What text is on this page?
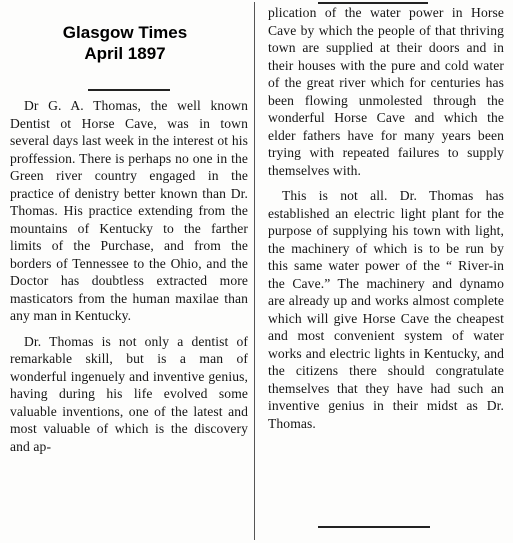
Glasgow Times
April 1897

Dr G. A. Thomas, the well known Dentist ot Horse Cave, was in town several days last week in the interest ot his proffession. There is perhaps no one in the Green river country engaged in the practice of denistry better known than Dr. Thomas. His practice extending from the mountains of Kentucky to the farther limits of the Purchase, and from the borders of Tennessee to the Ohio, and the Doctor has doubtless extracted more masticators from the human maxilae than any man in Kentucky.

Dr. Thomas is not only a dentist of remarkable skill, but is a man of wonderful ingenuely and inventive genius, having during his life evolved some valuable inventions, one of the latest and most valuable of which is the discovery and ap-

plication of the water power in Horse Cave by which the people of that thriving town are supplied at their doors and in their houses with the pure and cold water of the great river which for centuries has been flowing unmolested through the wonderful Horse Cave and which the elder fathers have for many years been trying with repeated failures to supply themselves with.

This is not all. Dr. Thomas has established an electric light plant for the purpose of supplying his town with light, the machinery of which is to be run by this same water power of the “ River-in the Cave.” The machinery and dynamo are already up and works almost complete which will give Horse Cave the cheapest and most convenient system of water works and electric lights in Kentucky, and the citizens there should congratulate themselves that they have had such an inventive genius in their midst as Dr. Thomas.
